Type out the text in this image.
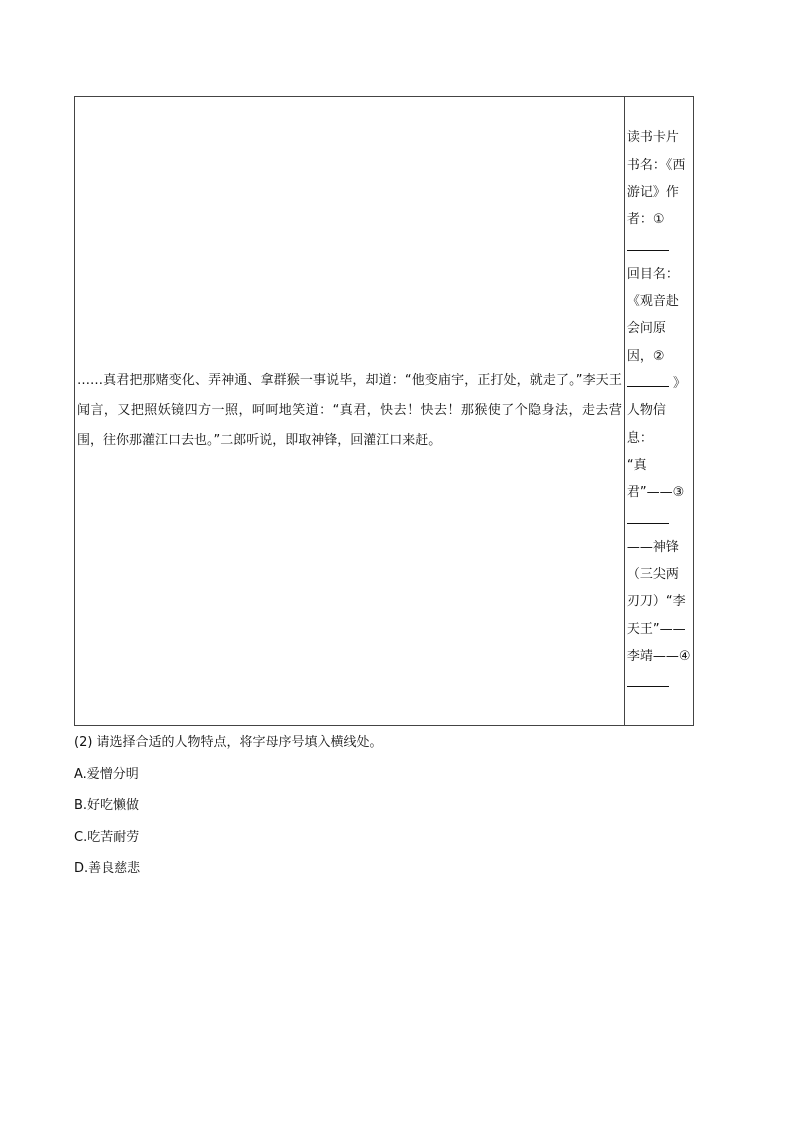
……真君把那赌变化、弄神通、拿群猴一事说毕，却道：“他变庙宇，正打处，就走了。”李天王闻言，又把照妖镜四方一照，呵呵地笑道：“真君，快去！快去！那猴使了个隐身法，走去营围，往你那灌江口去也。”二郎听说，即取神锋，回灌江口来赶。

读书卡片书名：《西游记》作者：①

回目名：《观音赴会问原因，②
》人物信息：
“真君”——③ ——神锋（三尖两刃刀）“李天王”——李靖——④
(2) 请选择合适的人物特点，将字母序号填入横线处。
A.爱憎分明
B.好吃懒做
C.吃苦耐劳
D.善良慈悲
